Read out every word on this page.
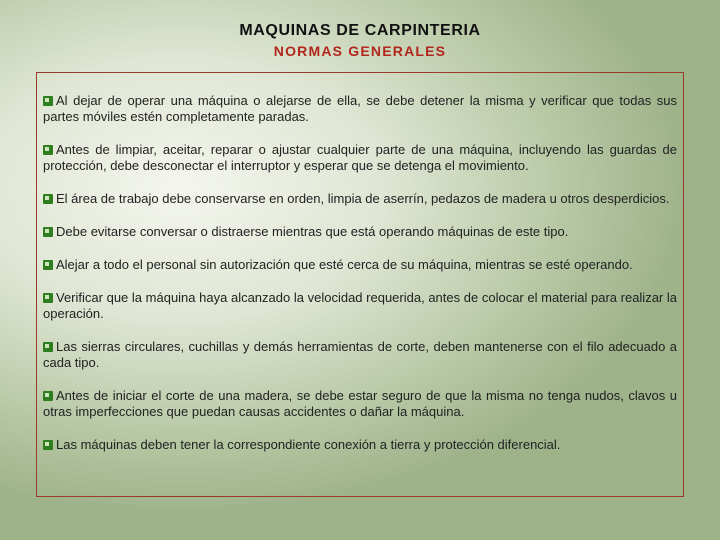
MAQUINAS DE CARPINTERIA
NORMAS GENERALES
Al dejar de operar una máquina o alejarse de ella, se debe detener la misma y verificar que todas sus partes móviles estén completamente paradas.
Antes de limpiar, aceitar, reparar o ajustar cualquier parte de una máquina, incluyendo las guardas de protección, debe desconectar el interruptor y esperar que se detenga el movimiento.
El área de trabajo debe conservarse en orden, limpia de aserrín, pedazos de madera u otros desperdicios.
Debe evitarse conversar o distraerse mientras que está operando máquinas de este tipo.
Alejar a todo el personal sin autorización que esté cerca de su máquina, mientras se esté operando.
Verificar que la máquina haya alcanzado la velocidad requerida, antes de colocar el material para realizar la operación.
Las sierras circulares, cuchillas y demás herramientas de corte, deben mantenerse con el filo adecuado a cada tipo.
Antes de iniciar el corte de una madera, se debe estar seguro de que la misma no tenga nudos, clavos u otras imperfecciones que puedan causas accidentes o dañar la máquina.
Las máquinas deben tener la correspondiente conexión a tierra y protección diferencial.
